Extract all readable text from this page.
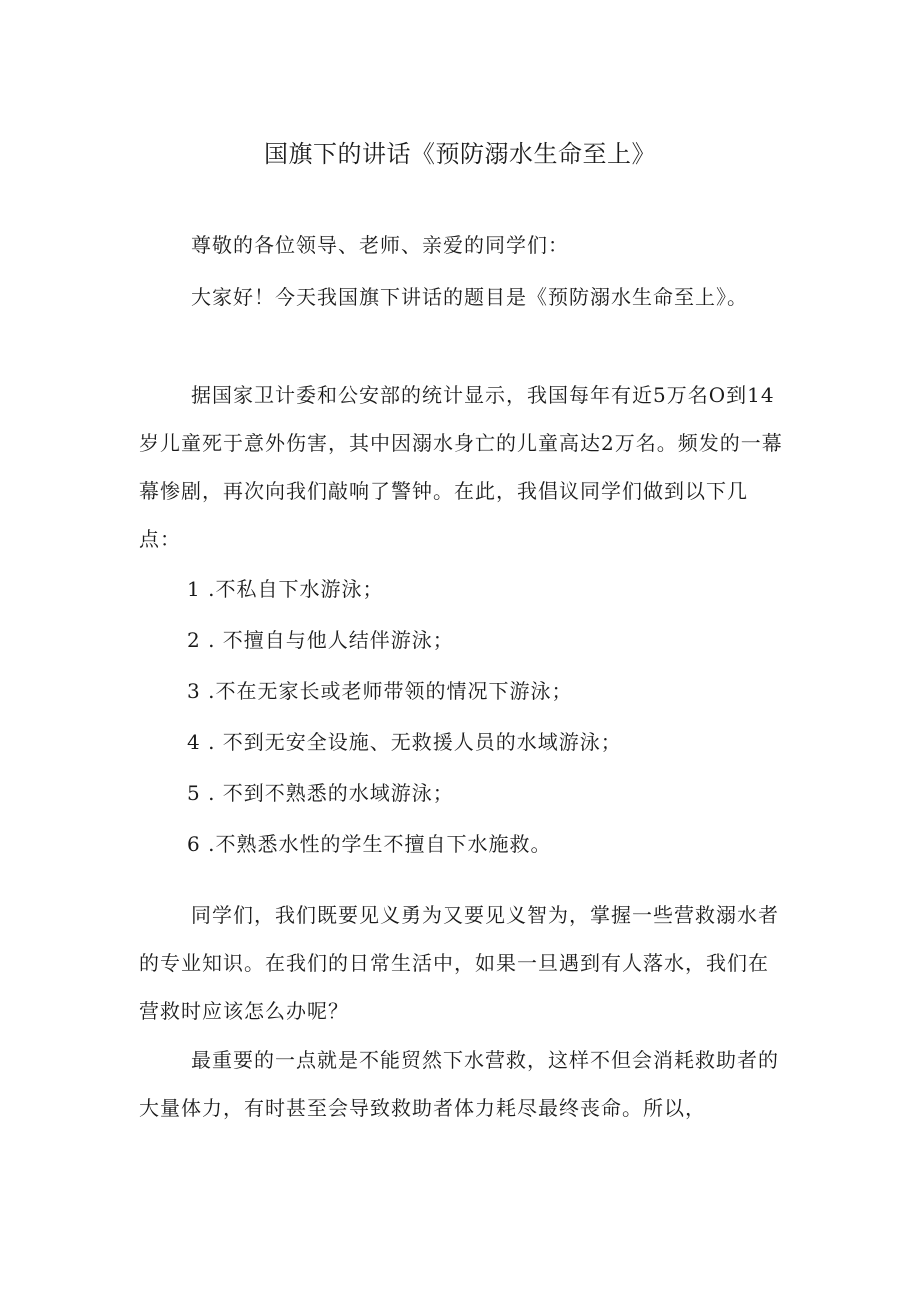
国旗下的讲话《预防溺水生命至上》

尊敬的各位领导、老师、亲爱的同学们：

大家好！今天我国旗下讲话的题目是《预防溺水生命至上》。

据国家卫计委和公安部的统计显示，我国每年有近5万名O到14岁儿童死于意外伤害，其中因溺水身亡的儿童高达2万名。频发的一幕幕惨剧，再次向我们敲响了警钟。在此，我倡议同学们做到以下几点：

1 .不私自下水游泳；
2 . 不擅自与他人结伴游泳；
3 .不在无家长或老师带领的情况下游泳；
4 . 不到无安全设施、无救援人员的水域游泳；
5 . 不到不熟悉的水域游泳；
6 .不熟悉水性的学生不擅自下水施救。

同学们，我们既要见义勇为又要见义智为，掌握一些营救溺水者的专业知识。在我们的日常生活中，如果一旦遇到有人落水，我们在营救时应该怎么办呢？

最重要的一点就是不能贸然下水营救，这样不但会消耗救助者的大量体力，有时甚至会导致救助者体力耗尽最终丧命。所以，
